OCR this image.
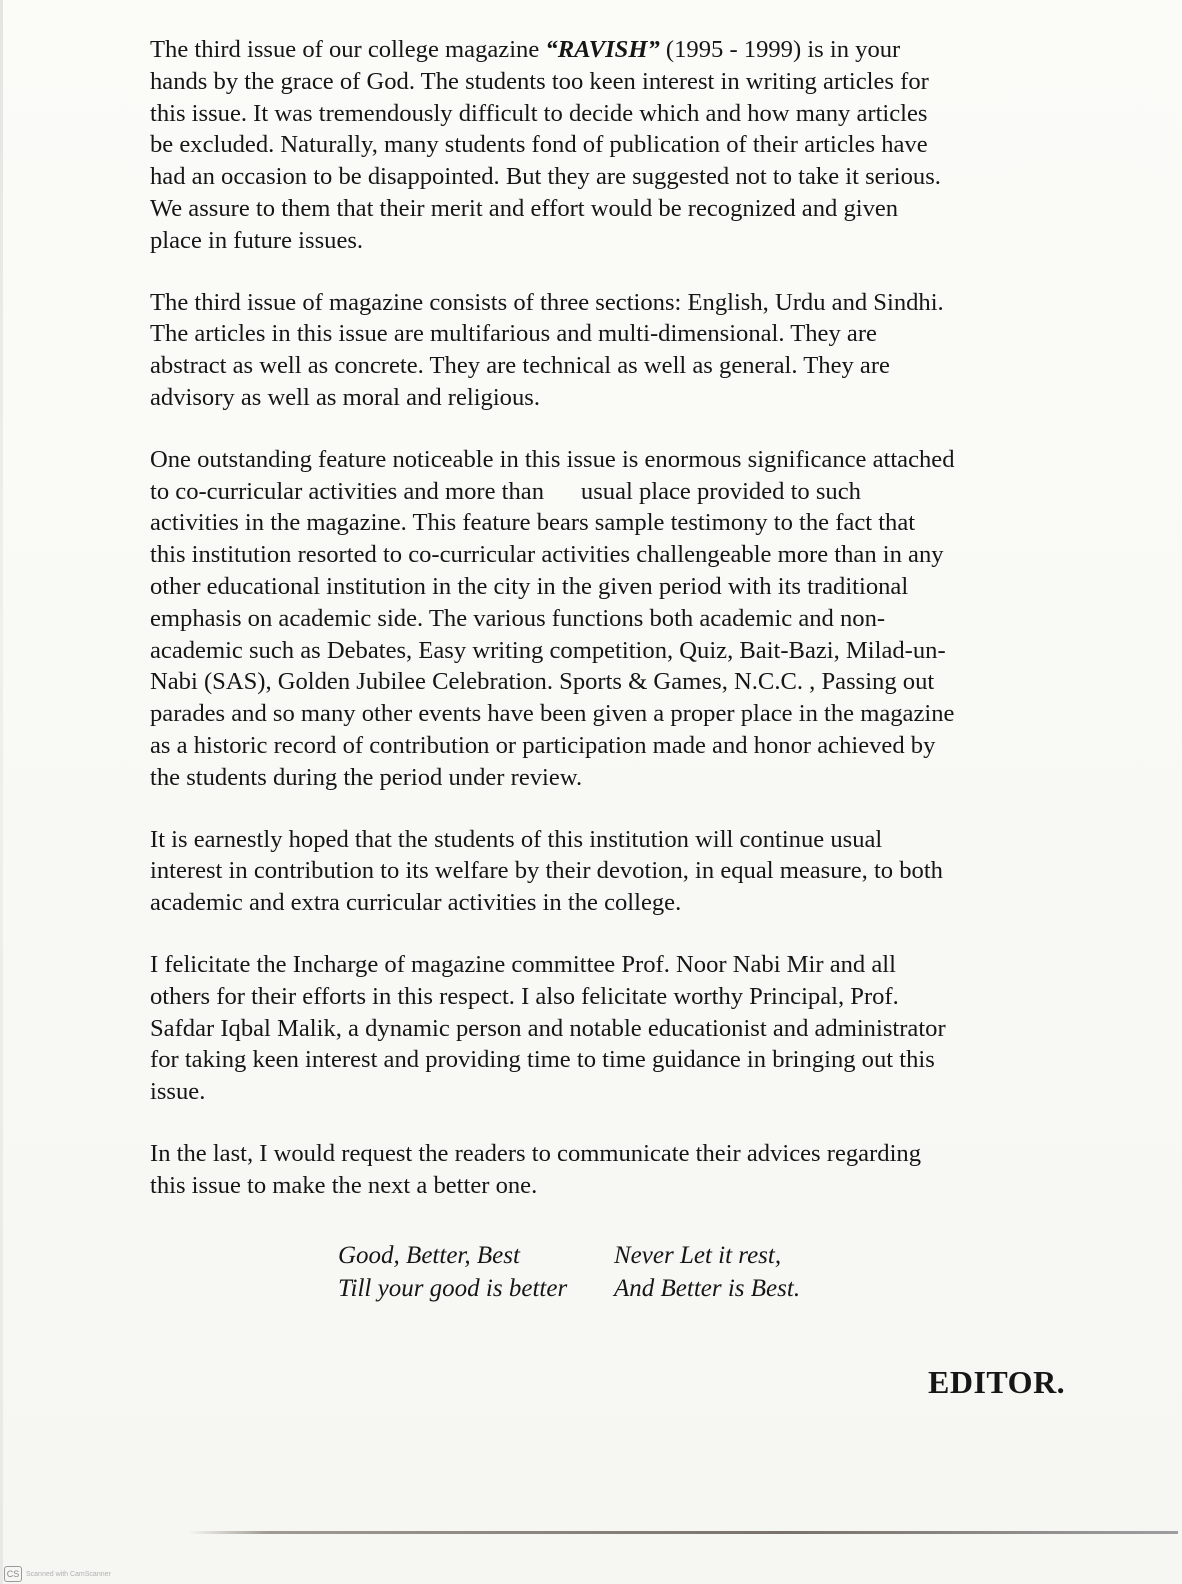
The third issue of our college magazine “RAVISH” (1995 - 1999) is in your
hands by the grace of God. The students too keen interest in writing articles for
this issue. It was tremendously difficult to decide which and how many articles
be excluded. Naturally, many students fond of publication of their articles have
had an occasion to be disappointed. But they are suggested not to take it serious.
We assure to them that their merit and effort would be recognized and given
place in future issues.

The third issue of magazine consists of three sections: English, Urdu and Sindhi.
The articles in this issue are multifarious and multi-dimensional. They are
abstract as well as concrete. They are technical as well as general. They are
advisory as well as moral and religious.

One outstanding feature noticeable in this issue is enormous significance attached
to co-curricular activities and more than      usual place provided to such
activities in the magazine. This feature bears sample testimony to the fact that
this institution resorted to co-curricular activities challengeable more than in any
other educational institution in the city in the given period with its traditional
emphasis on academic side. The various functions both academic and non-
academic such as Debates, Easy writing competition, Quiz, Bait-Bazi, Milad-un-
Nabi (SAS), Golden Jubilee Celebration. Sports & Games, N.C.C. , Passing out
parades and so many other events have been given a proper place in the magazine
as a historic record of contribution or participation made and honor achieved by
the students during the period under review.

It is earnestly hoped that the students of this institution will continue usual
interest in contribution to its welfare by their devotion, in equal measure, to both
academic and extra curricular activities in the college.

I felicitate the Incharge of magazine committee Prof. Noor Nabi Mir and all
others for their efforts in this respect. I also felicitate worthy Principal, Prof.
Safdar Iqbal Malik, a dynamic person and notable educationist and administrator
for taking keen interest and providing time to time guidance in bringing out this
issue.

In the last, I would request the readers to communicate their advices regarding
this issue to make the next a better one.

Good, Better, Best	Never Let it rest,
Till your good is better	And Better is Best.
EDITOR.
CS Scanned with CamScanner
